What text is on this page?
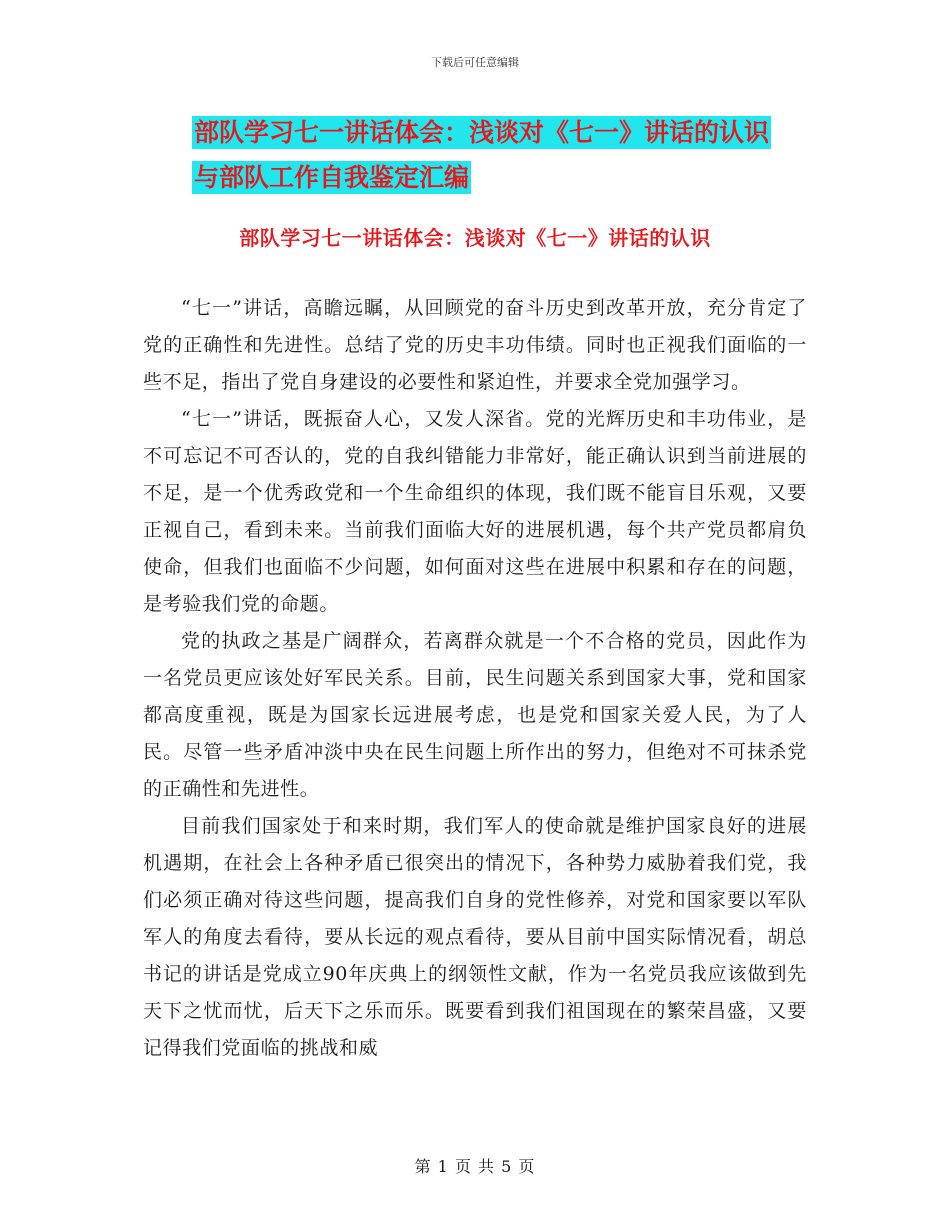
下载后可任意编辑
部队学习七一讲话体会：浅谈对《七一》讲话的认识
与部队工作自我鉴定汇编
部队学习七一讲话体会：浅谈对《七一》讲话的认识

“七一”讲话，高瞻远瞩，从回顾党的奋斗历史到改革开放，充分肯定了党的正确性和先进性。总结了党的历史丰功伟绩。同时也正视我们面临的一些不足，指出了党自身建设的必要性和紧迫性，并要求全党加强学习。

“七一”讲话，既振奋人心，又发人深省。党的光辉历史和丰功伟业，是不可忘记不可否认的，党的自我纠错能力非常好，能正确认识到当前进展的不足，是一个优秀政党和一个生命组织的体现，我们既不能盲目乐观，又要正视自己，看到未来。当前我们面临大好的进展机遇，每个共产党员都肩负使命，但我们也面临不少问题，如何面对这些在进展中积累和存在的问题，是考验我们党的命题。

党的执政之基是广阔群众，若离群众就是一个不合格的党员，因此作为一名党员更应该处好军民关系。目前，民生问题关系到国家大事，党和国家都高度重视，既是为国家长远进展考虑，也是党和国家关爱人民，为了人民。尽管一些矛盾冲淡中央在民生问题上所作出的努力，但绝对不可抹杀党的正确性和先进性。

目前我们国家处于和来时期，我们军人的使命就是维护国家良好的进展机遇期，在社会上各种矛盾已很突出的情况下，各种势力威胁着我们党，我们必须正确对待这些问题，提高我们自身的党性修养，对党和国家要以军队军人的角度去看待，要从长远的观点看待，要从目前中国实际情况看，胡总书记的讲话是党成立90年庆典上的纲领性文献，作为一名党员我应该做到先天下之忧而忧，后天下之乐而乐。既要看到我们祖国现在的繁荣昌盛，又要记得我们党面临的挑战和威

第 1 页 共 5 页
